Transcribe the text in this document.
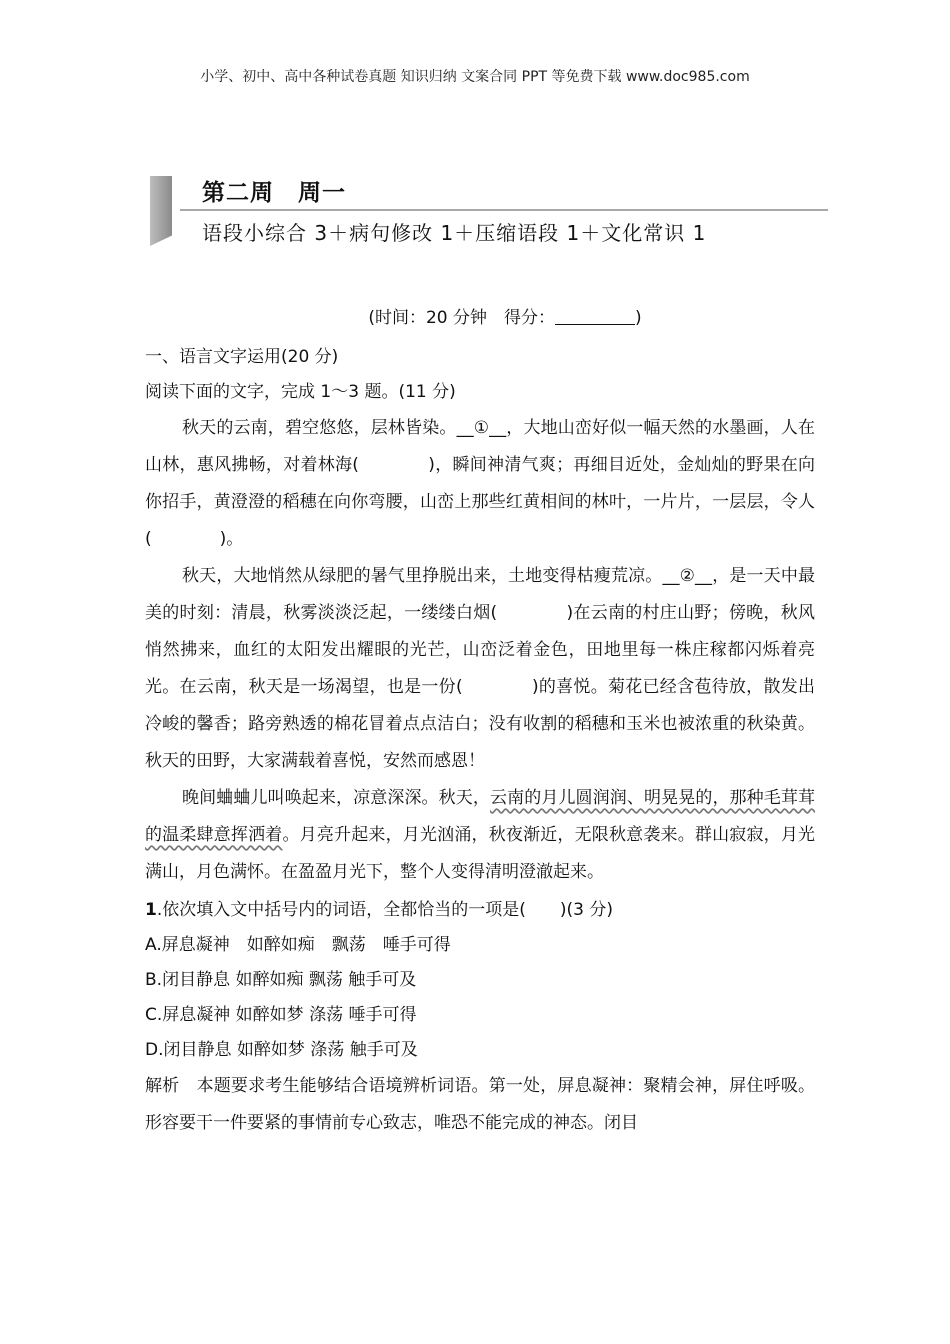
小学、初中、高中各种试卷真题 知识归纳 文案合同 PPT 等免费下载 www.doc985.com
第二周　周一
语段小综合 3＋病句修改 1＋压缩语段 1＋文化常识 1
(时间：20 分钟　得分：	)
一、语言文字运用(20 分)
阅读下面的文字，完成 1～3 题。(11 分)
秋天的云南，碧空悠悠，层林皆染。__①__，大地山峦好似一幅天然的水墨画，人在山林，惠风拂畅，对着林海(　　　　)，瞬间神清气爽；再细目近处，金灿灿的野果在向你招手，黄澄澄的稻穗在向你弯腰，山峦上那些红黄相间的林叶，一片片，一层层，令人(　　　　)。
秋天，大地悄然从绿肥的暑气里挣脱出来，土地变得枯瘦荒凉。__②__，是一天中最美的时刻：清晨，秋雾淡淡泛起，一缕缕白烟(　　　　)在云南的村庄山野；傍晚，秋风悄然拂来，血红的太阳发出耀眼的光芒，山峦泛着金色，田地里每一株庄稼都闪烁着亮光。在云南，秋天是一场渴望，也是一份(　　　　)的喜悦。菊花已经含苞待放，散发出冷峻的馨香；路旁熟透的棉花冒着点点洁白；没有收割的稻穗和玉米也被浓重的秋染黄。秋天的田野，大家满载着喜悦，安然而感恩！
晚间蛐蛐儿叫唤起来，凉意深深。秋天，云南的月儿圆润润、明晃晃的，那种毛茸茸的温柔肆意挥洒着。月亮升起来，月光汹涌，秋夜渐近，无限秋意袭来。群山寂寂，月光满山，月色满怀。在盈盈月光下，整个人变得清明澄澈起来。
1.依次填入文中括号内的词语，全都恰当的一项是(　　)(3 分)
A.屏息凝神　如醉如痴　飘荡　唾手可得
B.闭目静息 如醉如痴 飘荡 触手可及
C.屏息凝神 如醉如梦 涤荡 唾手可得
D.闭目静息 如醉如梦 涤荡 触手可及
解析　 本题要求考生能够结合语境辨析词语。第一处，屏息凝神：聚精会神，屏住呼吸。形容要干一件要紧的事情前专心致志，唯恐不能完成的神态。闭目
